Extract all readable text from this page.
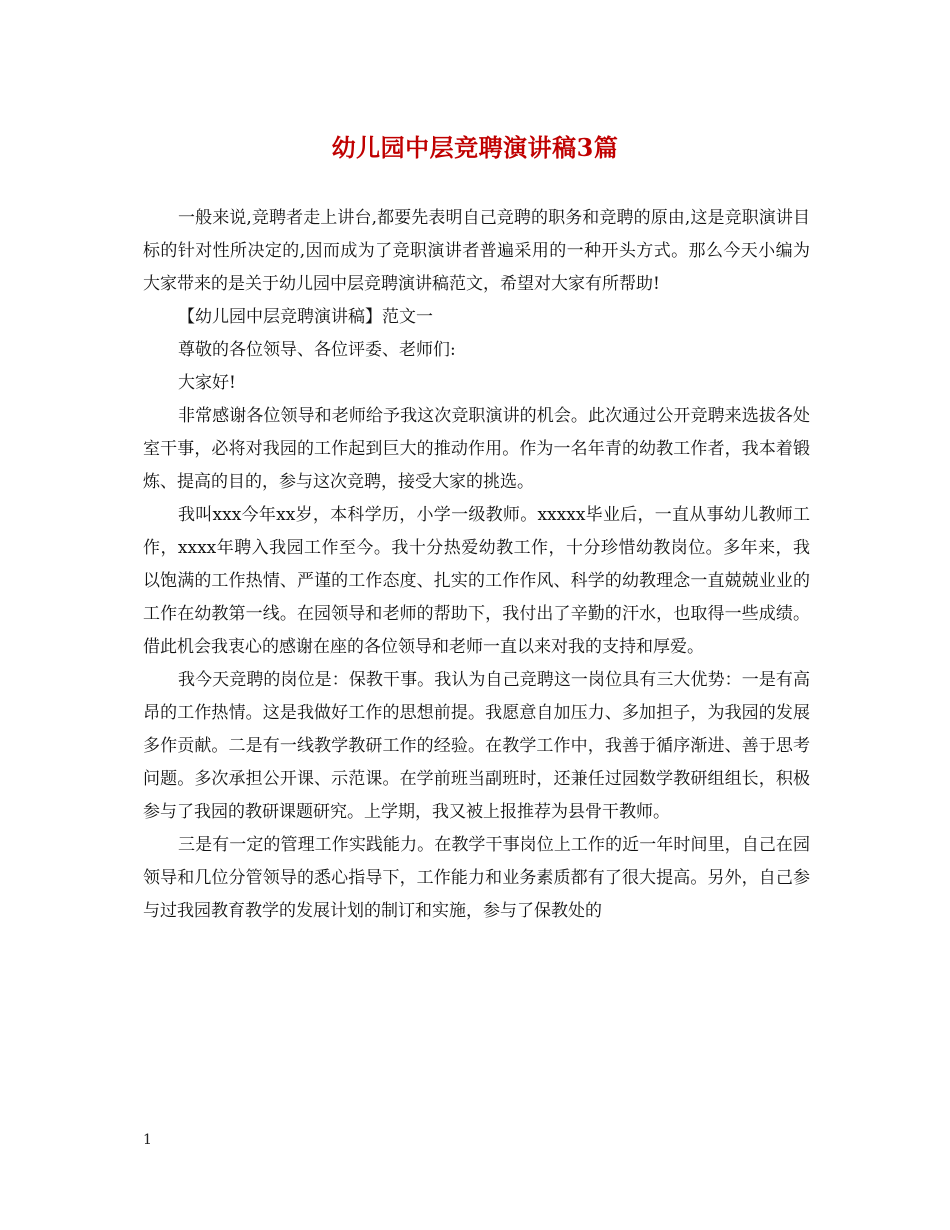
幼儿园中层竞聘演讲稿3篇

一般来说,竞聘者走上讲台,都要先表明自己竞聘的职务和竞聘的原由,这是竞职演讲目标的针对性所决定的,因而成为了竞职演讲者普遍采用的一种开头方式。那么今天小编为大家带来的是关于幼儿园中层竞聘演讲稿范文，希望对大家有所帮助!

【幼儿园中层竞聘演讲稿】范文一

尊敬的各位领导、各位评委、老师们:

大家好!

非常感谢各位领导和老师给予我这次竞职演讲的机会。此次通过公开竞聘来选拔各处室干事，必将对我园的工作起到巨大的推动作用。作为一名年青的幼教工作者，我本着锻炼、提高的目的，参与这次竞聘，接受大家的挑选。

我叫xxx今年xx岁，本科学历，小学一级教师。xxxxx毕业后，一直从事幼儿教师工作，xxxx年聘入我园工作至今。我十分热爱幼教工作，十分珍惜幼教岗位。多年来，我以饱满的工作热情、严谨的工作态度、扎实的工作作风、科学的幼教理念一直兢兢业业的工作在幼教第一线。在园领导和老师的帮助下，我付出了辛勤的汗水，也取得一些成绩。借此机会我衷心的感谢在座的各位领导和老师一直以来对我的支持和厚爱。

我今天竞聘的岗位是：保教干事。我认为自己竞聘这一岗位具有三大优势：一是有高昂的工作热情。这是我做好工作的思想前提。我愿意自加压力、多加担子，为我园的发展多作贡献。二是有一线教学教研工作的经验。在教学工作中，我善于循序渐进、善于思考问题。多次承担公开课、示范课。在学前班当副班时，还兼任过园数学教研组组长，积极参与了我园的教研课题研究。上学期，我又被上报推荐为县骨干教师。

三是有一定的管理工作实践能力。在教学干事岗位上工作的近一年时间里，自己在园领导和几位分管领导的悉心指导下，工作能力和业务素质都有了很大提高。另外，自己参与过我园教育教学的发展计划的制订和实施，参与了保教处的

1
